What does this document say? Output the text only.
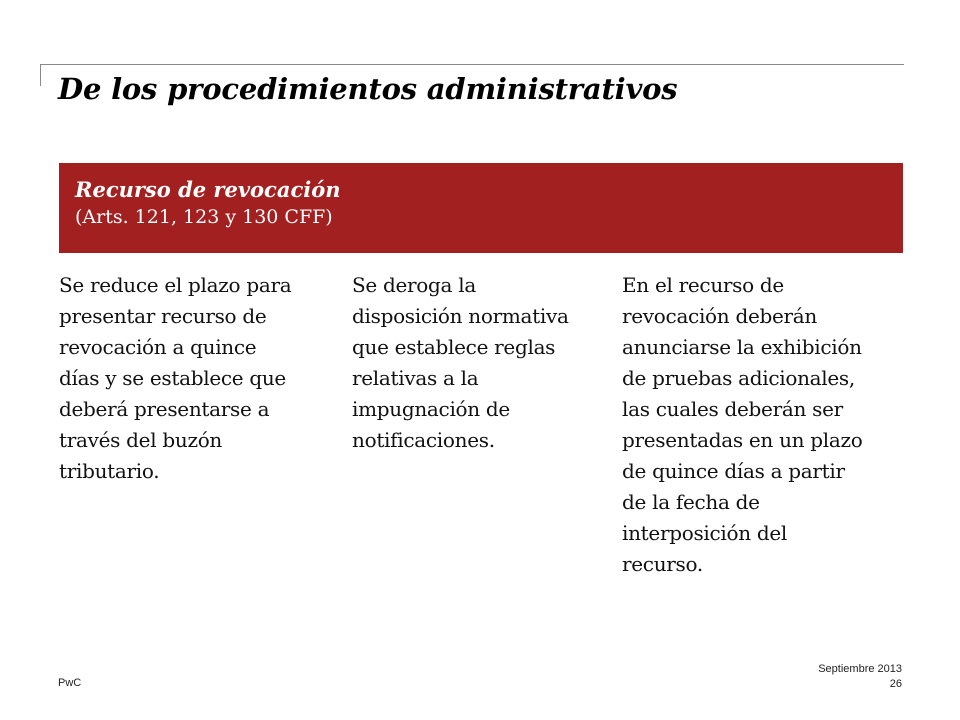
De los procedimientos administrativos
Recurso de revocación
(Arts. 121, 123 y 130 CFF)

Se reduce el plazo para
presentar recurso de
revocación a quince
días y se establece que
deberá presentarse a
través del buzón
tributario.

Se deroga la
disposición normativa
que establece reglas
relativas a la
impugnación de
notificaciones.

En el recurso de
revocación deberán
anunciarse la exhibición
de pruebas adicionales,
las cuales deberán ser
presentadas en un plazo
de quince días a partir
de la fecha de
interposición del
recurso.

PwC
Septiembre 2013
26
